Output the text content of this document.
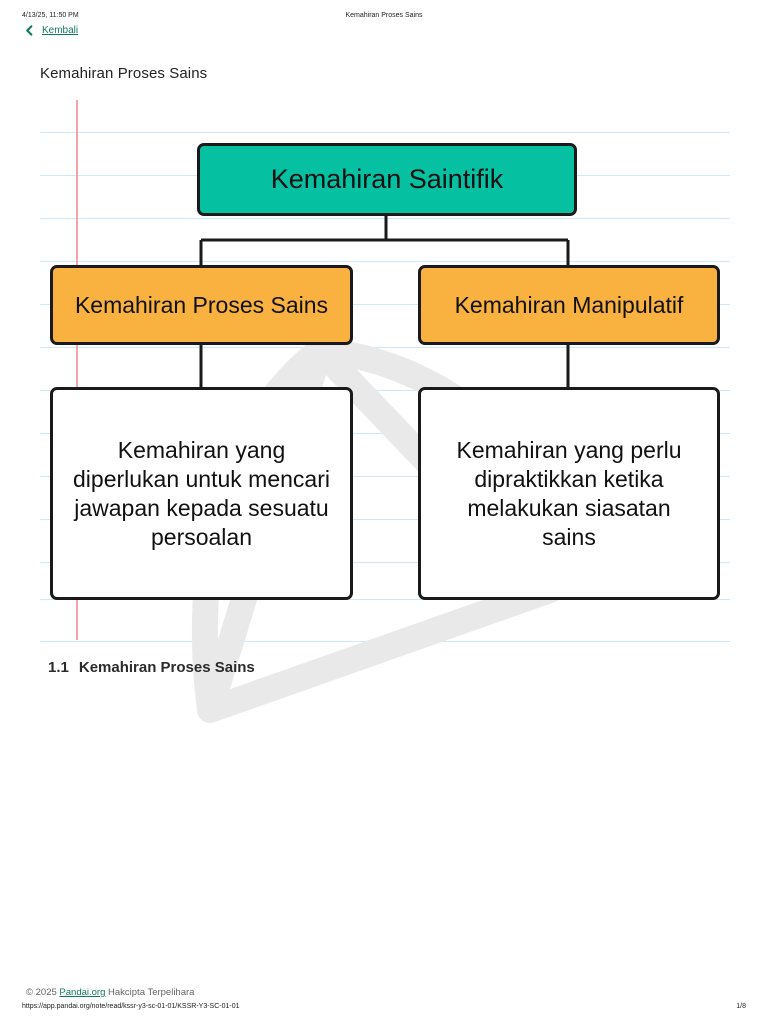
4/13/25, 11:50 PM	Kemahiran Proses Sains
Kembali
Kemahiran Proses Sains
Kemahiran Saintifik
Kemahiran Proses Sains	Kemahiran Manipulatif
Kemahiran yang diperlukan untuk mencari jawapan kepada sesuatu persoalan
Kemahiran yang perlu dipraktikkan ketika melakukan siasatan sains
1.1 Kemahiran Proses Sains
© 2025 Pandai.org Hakcipta Terpelihara
https://app.pandai.org/note/read/kssr-y3-sc-01-01/KSSR-Y3-SC-01-01	1/8
